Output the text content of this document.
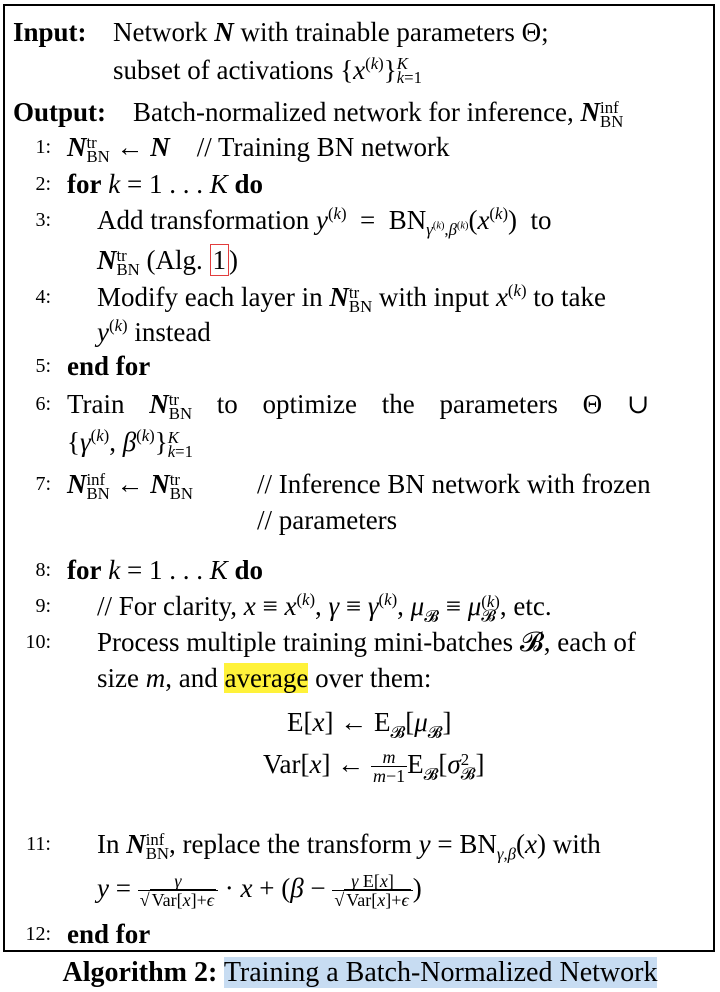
Input: Network N with trainable parameters Θ;
subset of activations $\{x^{(k)}\}$ K
k=1
Output: Batch-normalized network for inference, N inf
BN
1: N tr
BN ← N    // Training BN network
2: for k = 1 . . . K do
3: Add transformation $y^{(k)} = BN_{\gamma^{(k)},\beta^{(k)}}(x^{(k)})$  to
N tr
BN (Alg. 1 )
4: Modify each layer in N tr
BN with input $x^{(k)}$ to take
$y^{(k)}$ instead
5: end for
6: Train N tr
BN to optimize the parameters Θ ∪
{$\gamma^{(k)}$, $\beta^{(k)}$} K
k=1
7: N inf
BN ← N tr
BN // Inference BN network with frozen
// parameters
8: for k = 1 . . . K do
9: // For clarity, $x \equiv x^{(k)}$, $\gamma \equiv \gamma^{(k)}$, $\mu_𝓑 \equiv \mu$ (k)
𝓑 , etc.
10: Process multiple training mini-batches 𝓑, each of
size m, and average over them:
E[x] ← $E_𝓑[\mu_𝓑]$
Var[x] ← $\frac{m}{m-1} E_𝓑[\sigma$ 2
𝓑 ]
11: In N inf
BN , replace the transform $y = BN_{\gamma,\beta}(x)$ with
$y = \frac{\gamma}{\text{√ Var[x]+ϵ}} \cdot x + (\beta - \frac{\text{γ E[x]}}{\text{√ Var[x]+ϵ}}$ )
12: end for
Algorithm 2: Training a Batch-Normalized Network
